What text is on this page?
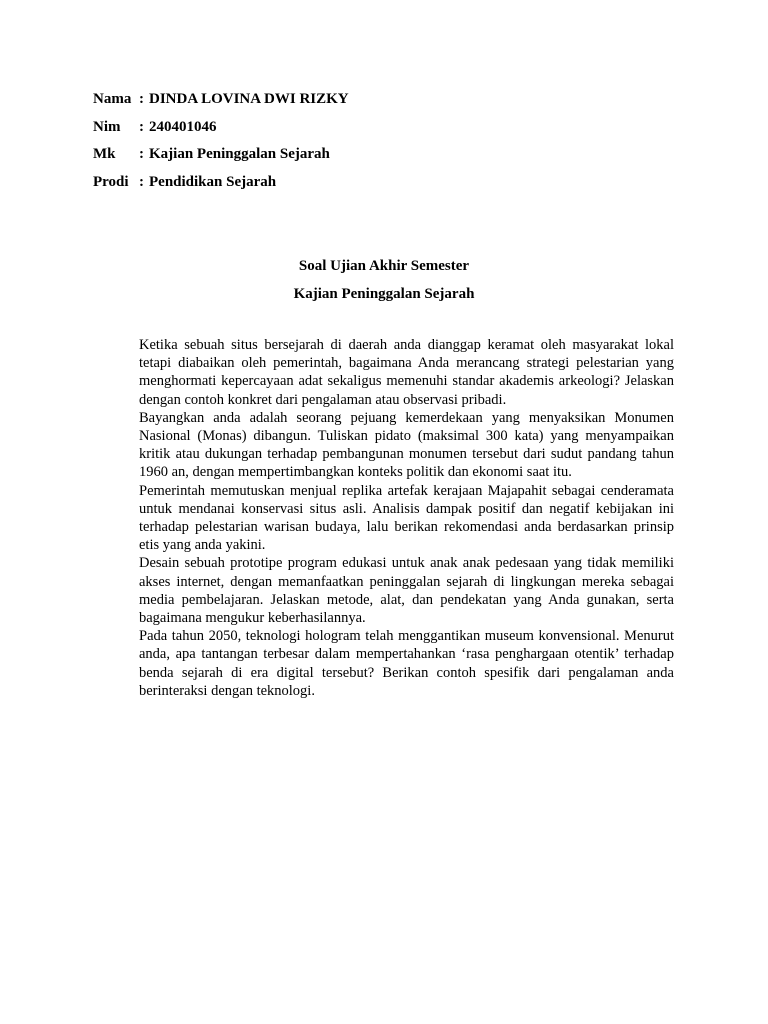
Nama : DINDA LOVINA DWI RIZKY
Nim	: 240401046
Mk	: Kajian Peninggalan Sejarah
Prodi : Pendidikan Sejarah
Soal Ujian Akhir Semester
Kajian Peninggalan Sejarah

Ketika sebuah situs bersejarah di daerah anda dianggap keramat oleh masyarakat lokal tetapi diabaikan oleh pemerintah, bagaimana Anda merancang strategi pelestarian yang menghormati kepercayaan adat sekaligus memenuhi standar akademis arkeologi? Jelaskan dengan contoh konkret dari pengalaman atau observasi pribadi.

Bayangkan anda adalah seorang pejuang kemerdekaan yang menyaksikan Monumen Nasional (Monas) dibangun. Tuliskan pidato (maksimal 300 kata) yang menyampaikan kritik atau dukungan terhadap pembangunan monumen tersebut dari sudut pandang tahun 1960 an, dengan mempertimbangkan konteks politik dan ekonomi saat itu.

Pemerintah memutuskan menjual replika artefak kerajaan Majapahit sebagai cenderamata untuk mendanai konservasi situs asli. Analisis dampak positif dan negatif kebijakan ini terhadap pelestarian warisan budaya, lalu berikan rekomendasi anda berdasarkan prinsip etis yang anda yakini.

Desain sebuah prototipe program edukasi untuk anak anak pedesaan yang tidak memiliki akses internet, dengan memanfaatkan peninggalan sejarah di lingkungan mereka sebagai media pembelajaran. Jelaskan metode, alat, dan pendekatan yang Anda gunakan, serta bagaimana mengukur keberhasilannya.

Pada tahun 2050, teknologi hologram telah menggantikan museum konvensional. Menurut anda, apa tantangan terbesar dalam mempertahankan ‘rasa penghargaan otentik’ terhadap benda sejarah di era digital tersebut? Berikan contoh spesifik dari pengalaman anda berinteraksi dengan teknologi.
